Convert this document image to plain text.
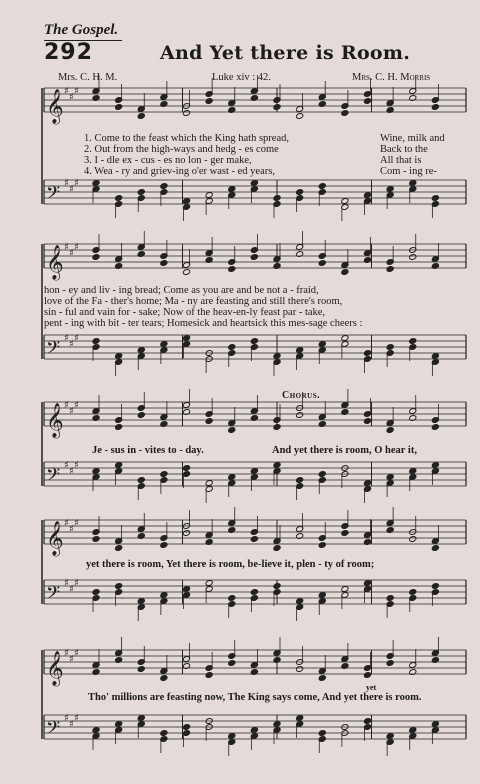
The Gospel.
292	And Yet there is Room.
Mrs. C. H. M.	Luke xiv : 42.	Mrs. C. H. Morris
𝄞 ♯
♯
♯
𝄢 ♯
♯
♯
𝄞 ♯
♯
♯
𝄢 ♯
♯
♯
𝄞 ♯
♯
♯
𝄢 ♯
♯
♯
𝄞 ♯
♯
♯
𝄢 ♯
♯
♯
𝄞 ♯
♯
♯
𝄢 ♯
♯
♯
1. Come to the feast which the King hath spread,
2. Out from the high-ways and hedg - es come
3. I - dle ex - cus - es no lon - ger make,
4. Wea - ry and griev-ing o'er wast - ed years,
Wine, milk and
Back to the
All that is
Com - ing re-
hon - ey and liv - ing bread; Come as you are and be not a - fraid,
love of the Fa - ther's home; Ma - ny are feasting and still there's room,
sin - ful and vain for - sake; Now of the heav-en-ly feast par - take,
pent - ing with bit - ter tears; Homesick and heartsick this mes-sage cheers :
Chorus.
Je - sus in - vites to - day.	And yet there is room, O hear it,
yet there is room, Yet there is room, be-lieve it, plen - ty of room;
yet
Tho' millions are feasting now, The King says come, And yet there is room.
